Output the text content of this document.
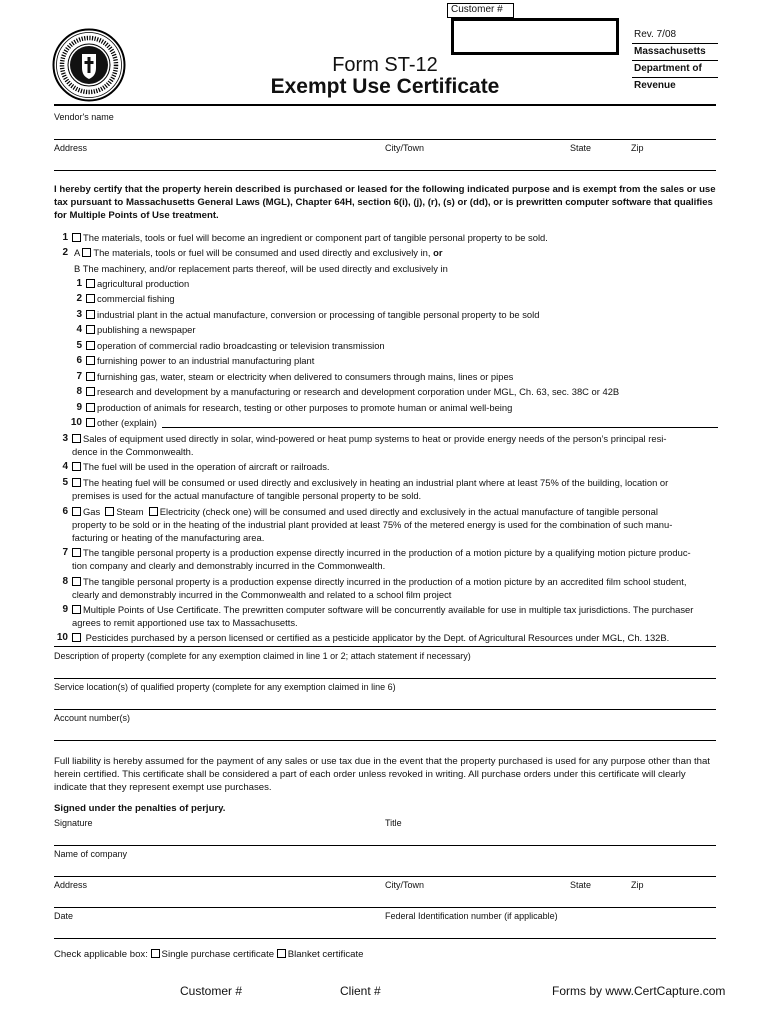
Customer #
Form ST-12
Exempt Use Certificate
Rev. 7/08
Massachusetts
Department of
Revenue
Vendor's name
Address	City/Town	State	Zip
I hereby certify that the property herein described is purchased or leased for the following indicated purpose and is exempt from the sales or use tax pursuant to Massachusetts General Laws (MGL), Chapter 64H, section 6(i), (j), (r), (s) or (dd), or is prewritten computer software that qualifies for Multiple Points of Use treatment.
1	The materials, tools or fuel will become an ingredient or component part of tangible personal property to be sold.
2 A The materials, tools or fuel will be consumed and used directly and exclusively in, or
B The machinery, and/or replacement parts thereof, will be used directly and exclusively in
1	agricultural production
2	commercial fishing
3	industrial plant in the actual manufacture, conversion or processing of tangible personal property to be sold
4	publishing a newspaper
5	operation of commercial radio broadcasting or television transmission
6	furnishing power to an industrial manufacturing plant
7	furnishing gas, water, steam or electricity when delivered to consumers through mains, lines or pipes
8	research and development by a manufacturing or research and development corporation under MGL, Ch. 63, sec. 38C or 42B
9	production of animals for research, testing or other purposes to promote human or animal well-being
10	other (explain)
3	Sales of equipment used directly in solar, wind-powered or heat pump systems to heat or provide energy needs of the person’s principal resi-
dence in the Commonwealth.
4	The fuel will be used in the operation of aircraft or railroads.
5	The heating fuel will be consumed or used directly and exclusively in heating an industrial plant where at least 75% of the building, location or
premises is used for the actual manufacture of tangible personal property to be sold.
6	Gas Steam Electricity (check one) will be consumed and used directly and exclusively in the actual manufacture of tangible personal
property to be sold or in the heating of the industrial plant provided at least 75% of the metered energy is used for the combination of such manu-
facturing or heating of the manufacturing area.
7	The tangible personal property is a production expense directly incurred in the production of a motion picture by a qualifying motion picture produc-
tion company and clearly and demonstrably incurred in the Commonwealth.
8	The tangible personal property is a production expense directly incurred in the production of a motion picture by an accredited film school student,
clearly and demonstrably incurred in the Commonwealth and related to a school film project
9	Multiple Points of Use Certificate. The prewritten computer software will be concurrently available for use in multiple tax jurisdictions. The purchaser
agrees to remit apportioned use tax to Massachusetts.
10	Pesticides purchased by a person licensed or certified as a pesticide applicator by the Dept. of Agricultural Resources under MGL, Ch. 132B.
Description of property (complete for any exemption claimed in line 1 or 2; attach statement if necessary)
Service location(s) of qualified property (complete for any exemption claimed in line 6)
Account number(s)
Full liability is hereby assumed for the payment of any sales or use tax due in the event that the property purchased is used for any purpose other than that herein certified. This certificate shall be considered a part of each order unless revoked in writing. All purchase orders under this certificate will clearly indicate that they represent exempt use purchases.
Signed under the penalties of perjury.
Signature	Title
Name of company
Address	City/Town	State	Zip
Date	Federal Identification number (if applicable)
Check applicable box: Single purchase certificate Blanket certificate
Customer #	Client #	Forms by www.CertCapture.com
